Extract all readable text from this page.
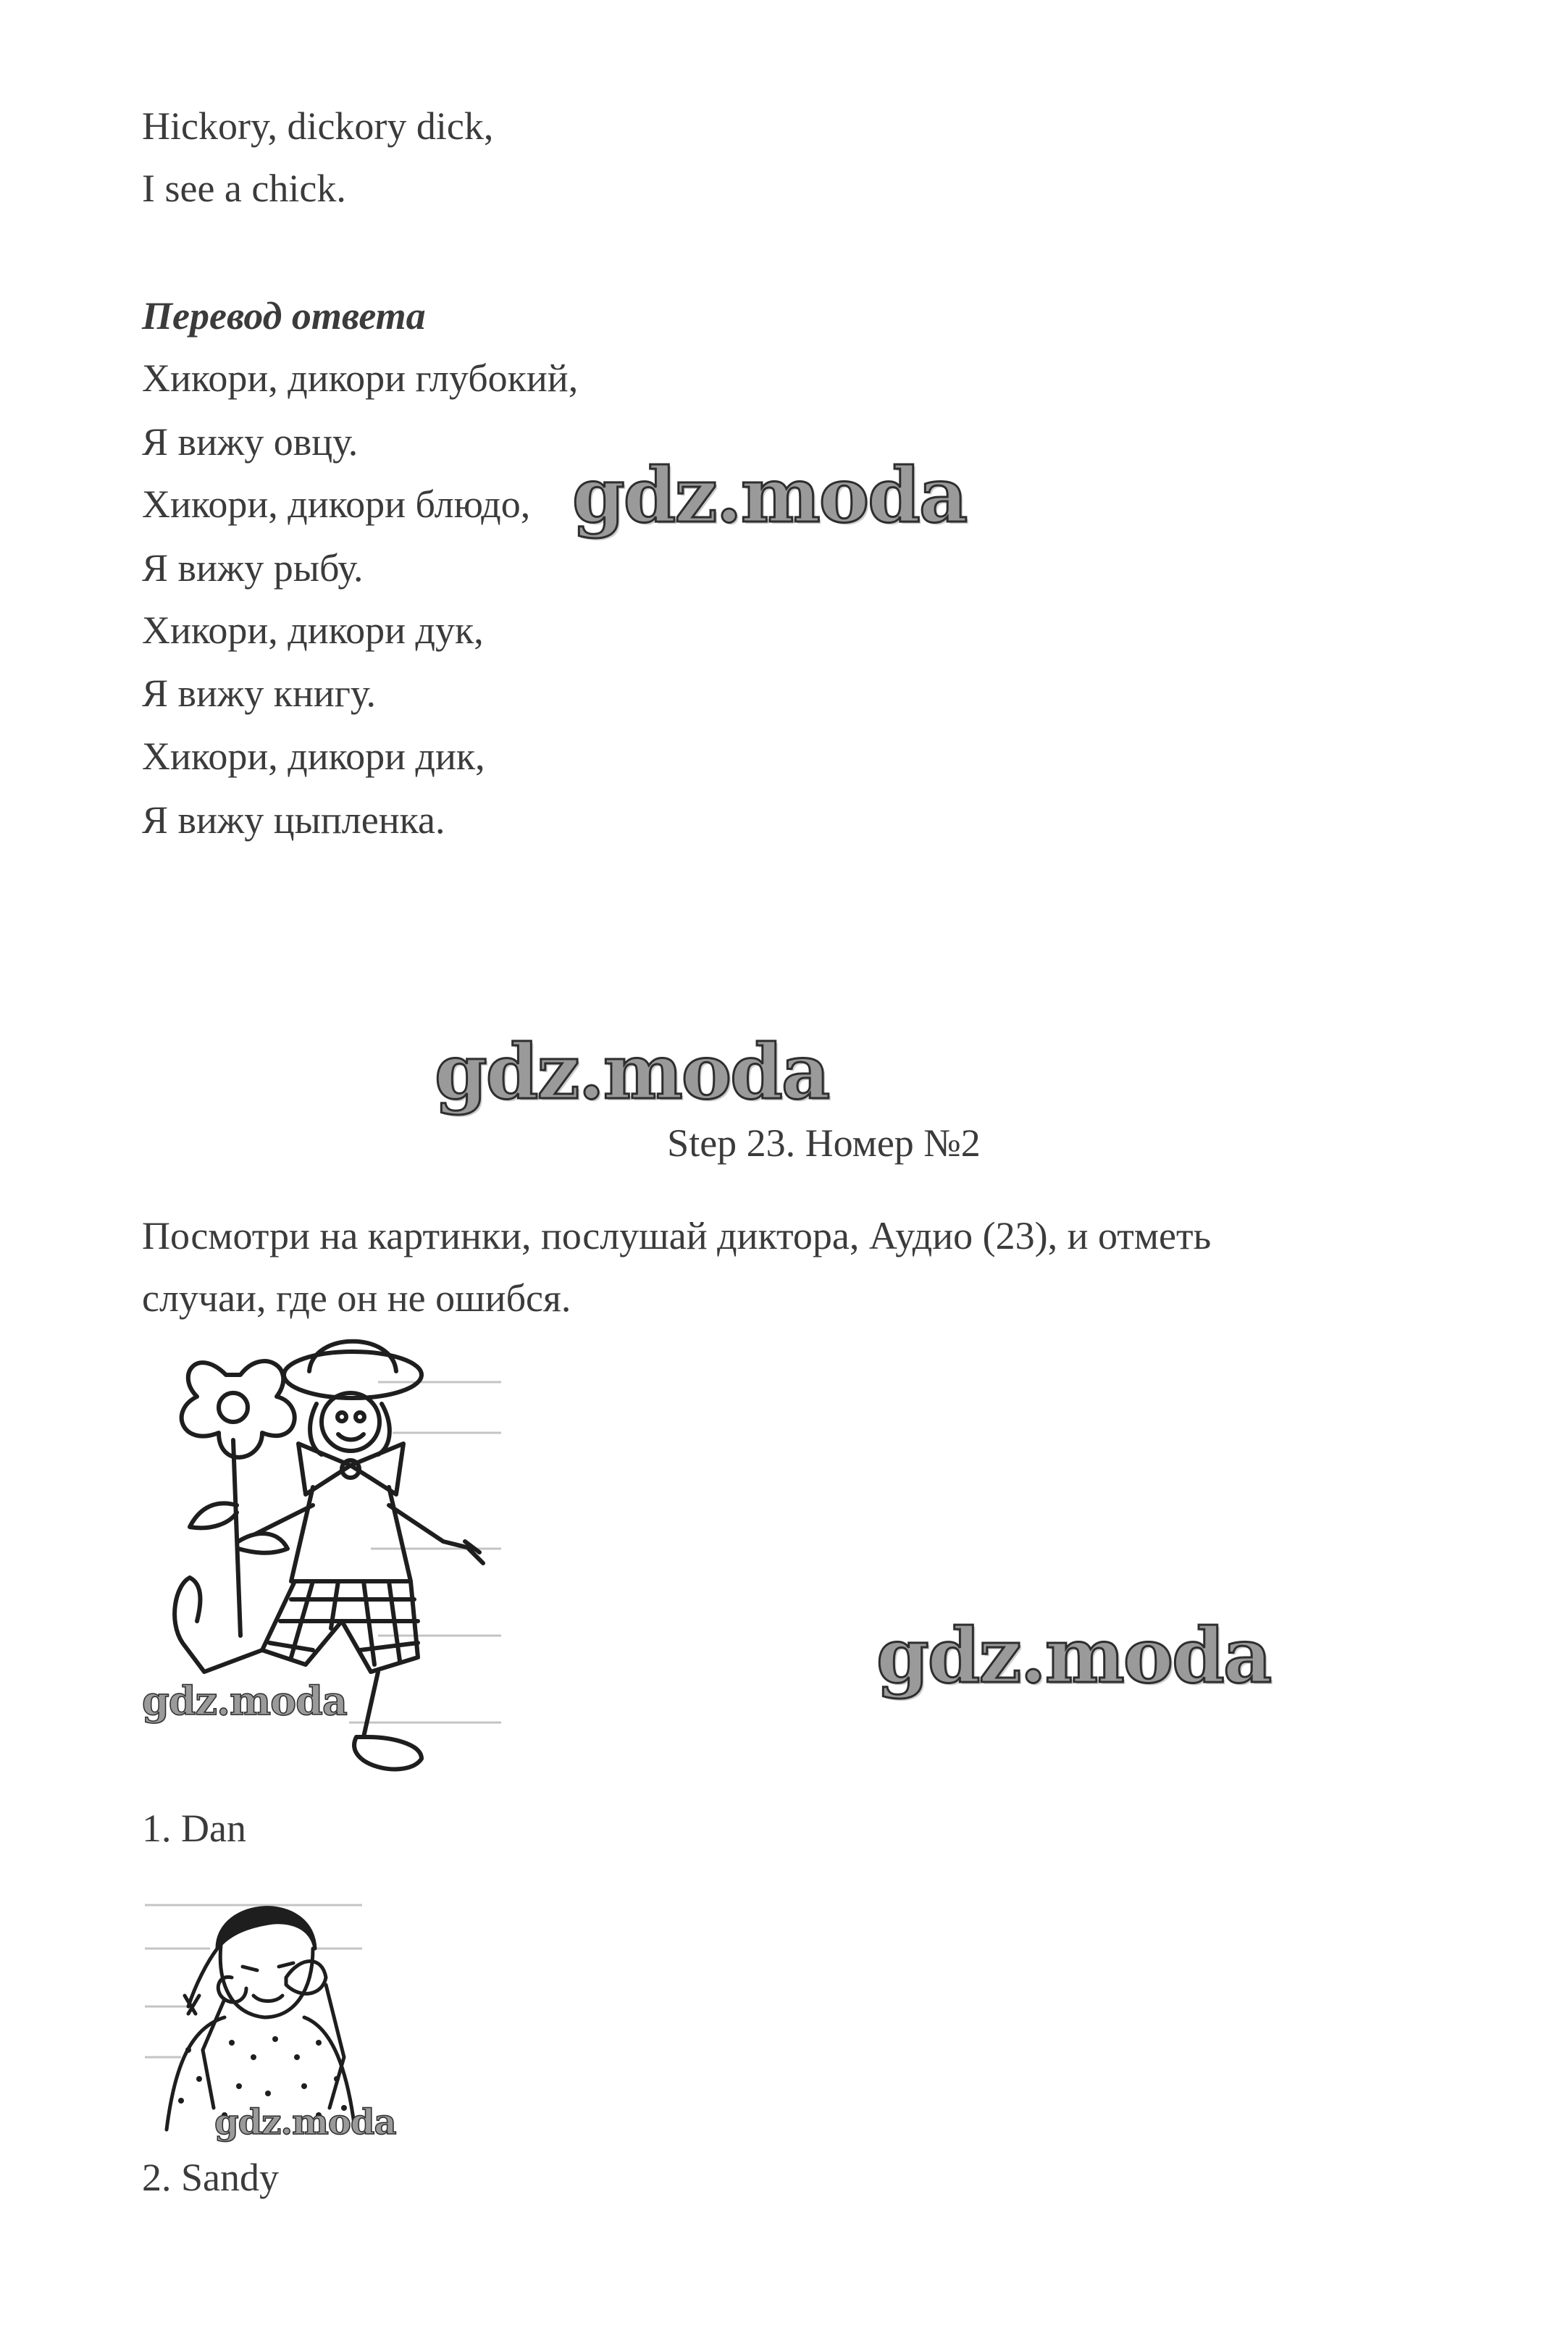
Hickory, dickory dick,

I see a chick.

Перевод ответа

Хикори, дикори глубокий,

Я вижу овцу.

Хикори, дикори блюдо,

Я вижу рыбу.

Хикори, дикори дук,

Я вижу книгу.

Хикори, дикори дик,

Я вижу цыпленка.

gdz.moda

gdz.moda

gdz.moda

Step 23. Номер №2

Посмотри на картинки, послушай диктора, Аудио (23), и отметь

случаи, где он не ошибся.

gdz.moda

1. Dan

gdz.moda

2. Sandy
